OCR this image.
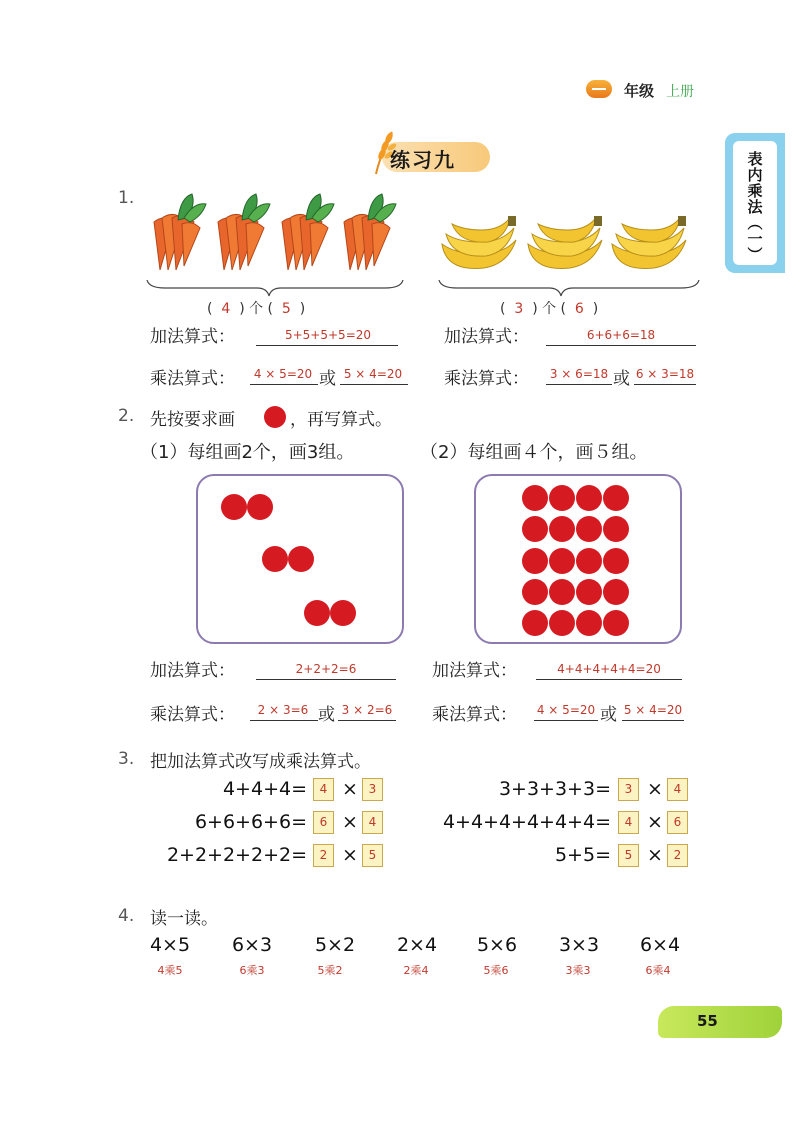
年级 上册
表内乘法（一）
练习九
1.
(  4  ) 个 (  5  )	(  3  ) 个 (  6  )
加法算式：	5+5+5+5=20	加法算式：	6+6+6=18
乘法算式：	4 × 5=20 或 5 × 4=20 乘法算式：	3 × 6=18 或 6 × 3=18
2. 先按要求画	，再写算式。
（1）每组画2个，画3组。	（2）每组画４个，画５组。
加法算式：	2+2+2=6	加法算式：	4+4+4+4+4=20
乘法算式：	2 × 3=6 或 3 × 2=6 乘法算式： 4 × 5=20 或 5 × 4=20
3. 把加法算式改写成乘法算式。
4+4+4=	4 × 3
6+6+6+6=	6 × 4
2+2+2+2+2=	2 × 5
3+3+3+3=	3 × 4
4+4+4+4+4+4=	4 × 6
5+5=	5 × 2
4. 读一读。
4×5
4乘5
6×3
6乘3
5×2
5乘2
2×4
2乘4
5×6
5乘6
3×3
3乘3
6×4
6乘4
55
